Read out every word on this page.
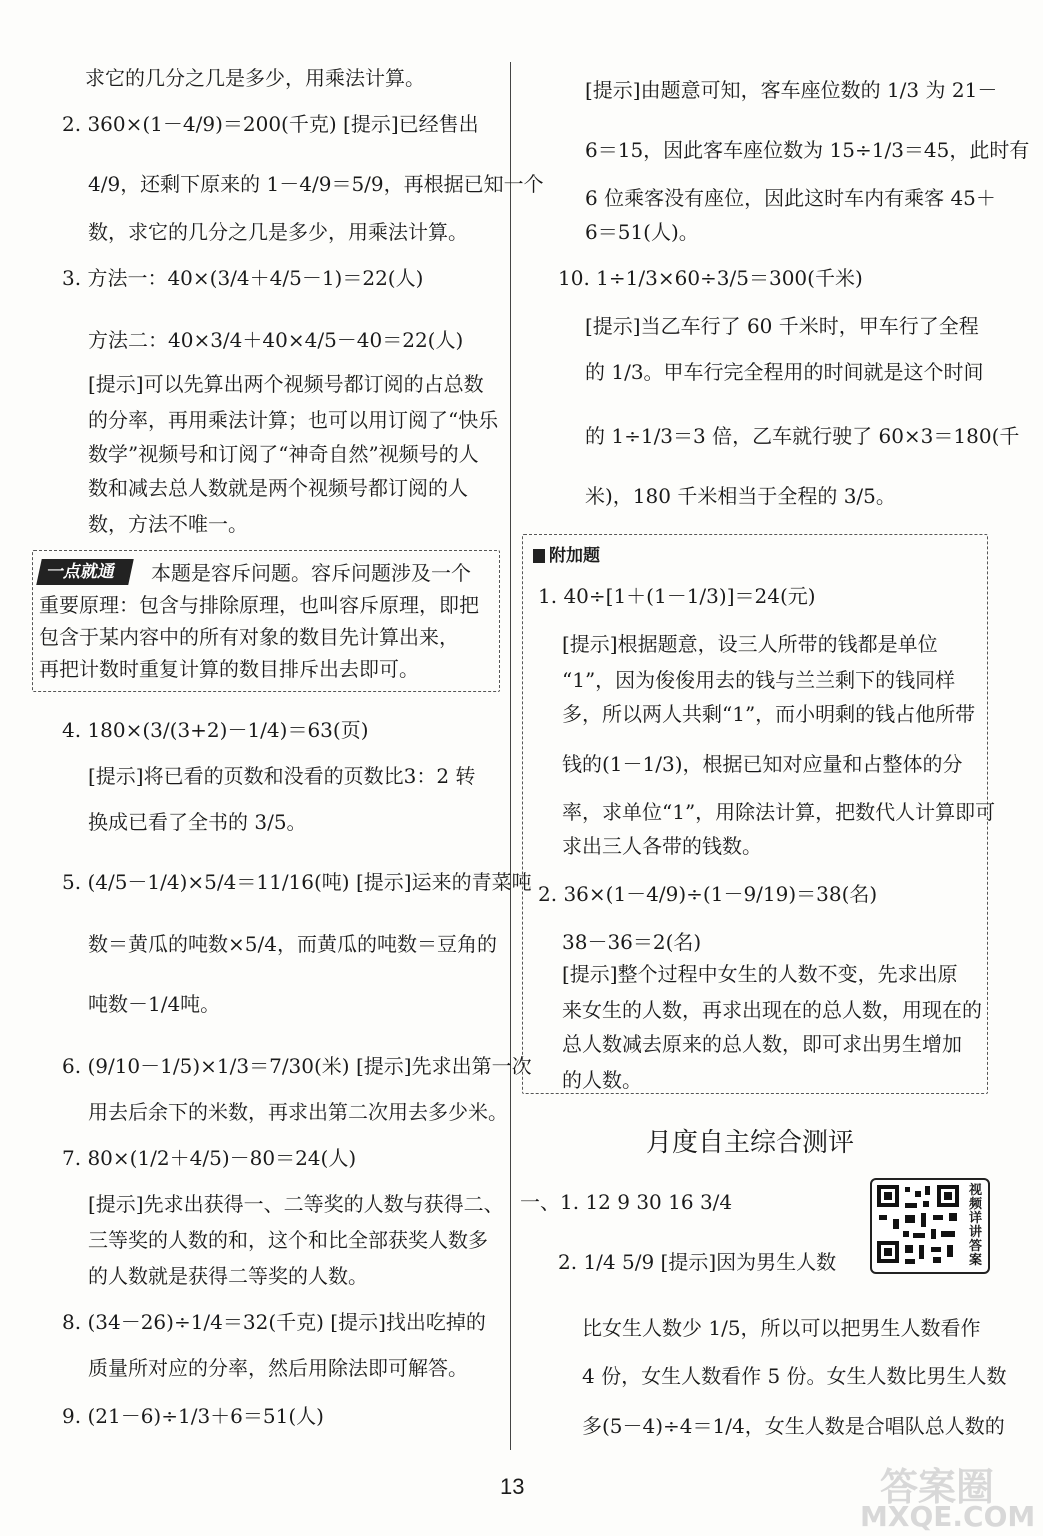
求它的几分之几是多少，用乘法计算。
2. 360×(1－4/9)＝200(千克) [提示]已经售出
4/9，还剩下原来的 1－4/9＝5/9，再根据已知一个
数，求它的几分之几是多少，用乘法计算。
3. 方法一：40×(3/4＋4/5－1)＝22(人)
方法二：40×3/4＋40×4/5－40＝22(人)
[提示]可以先算出两个视频号都订阅的占总数
的分率，再用乘法计算；也可以用订阅了“快乐
数学”视频号和订阅了“神奇自然”视频号的人
数和减去总人数就是两个视频号都订阅的人
数，方法不唯一。
4. 180×(3/(3+2)－1/4)＝63(页)
[提示]将已看的页数和没看的页数比3：2 转
换成已看了全书的 3/5。
5. (4/5－1/4)×5/4＝11/16(吨) [提示]运来的青菜吨
数＝黄瓜的吨数×5/4，而黄瓜的吨数＝豆角的
吨数－1/4吨。
6. (9/10－1/5)×1/3＝7/30(米) [提示]先求出第一次
用去后余下的米数，再求出第二次用去多少米。
7. 80×(1/2＋4/5)－80＝24(人)
[提示]先求出获得一、二等奖的人数与获得二、
三等奖的人数的和，这个和比全部获奖人数多
的人数就是获得二等奖的人数。
8. (34－26)÷1/4＝32(千克) [提示]找出吃掉的
质量所对应的分率，然后用除法即可解答。
9. (21－6)÷1/3＋6＝51(人)
一点就通	本题是容斥问题。容斥问题涉及一个
重要原理：包含与排除原理，也叫容斥原理，即把
包含于某内容中的所有对象的数目先计算出来，
再把计数时重复计算的数目排斥出去即可。
[提示]由题意可知，客车座位数的 1/3 为 21－
6＝15，因此客车座位数为 15÷1/3＝45，此时有
6 位乘客没有座位，因此这时车内有乘客 45＋
6＝51(人)。
10. 1÷1/3×60÷3/5＝300(千米)
[提示]当乙车行了 60 千米时，甲车行了全程
的 1/3。甲车行完全程用的时间就是这个时间
的 1÷1/3＝3 倍，乙车就行驶了 60×3＝180(千
米)，180 千米相当于全程的 3/5。
附加题
1. 40÷[1＋(1－1/3)]＝24(元)
[提示]根据题意，设三人所带的钱都是单位
“1”，因为俊俊用去的钱与兰兰剩下的钱同样
多，所以两人共剩“1”，而小明剩的钱占他所带
钱的(1－1/3)，根据已知对应量和占整体的分
率，求单位“1”，用除法计算，把数代人计算即可
求出三人各带的钱数。
2. 36×(1－4/9)÷(1－9/19)＝38(名)
38－36＝2(名)
[提示]整个过程中女生的人数不变，先求出原
来女生的人数，再求出现在的总人数，用现在的
总人数减去原来的总人数，即可求出男生增加
的人数。
月度自主综合测评
一、1. 12 9 30 16 3/4
2. 1/4 5/9 [提示]因为男生人数
比女生人数少 1/5，所以可以把男生人数看作
4 份，女生人数看作 5 份。女生人数比男生人数
多(5－4)÷4＝1/4，女生人数是合唱队总人数的
视频详讲答案
13	答案圈
MXQE.COM
